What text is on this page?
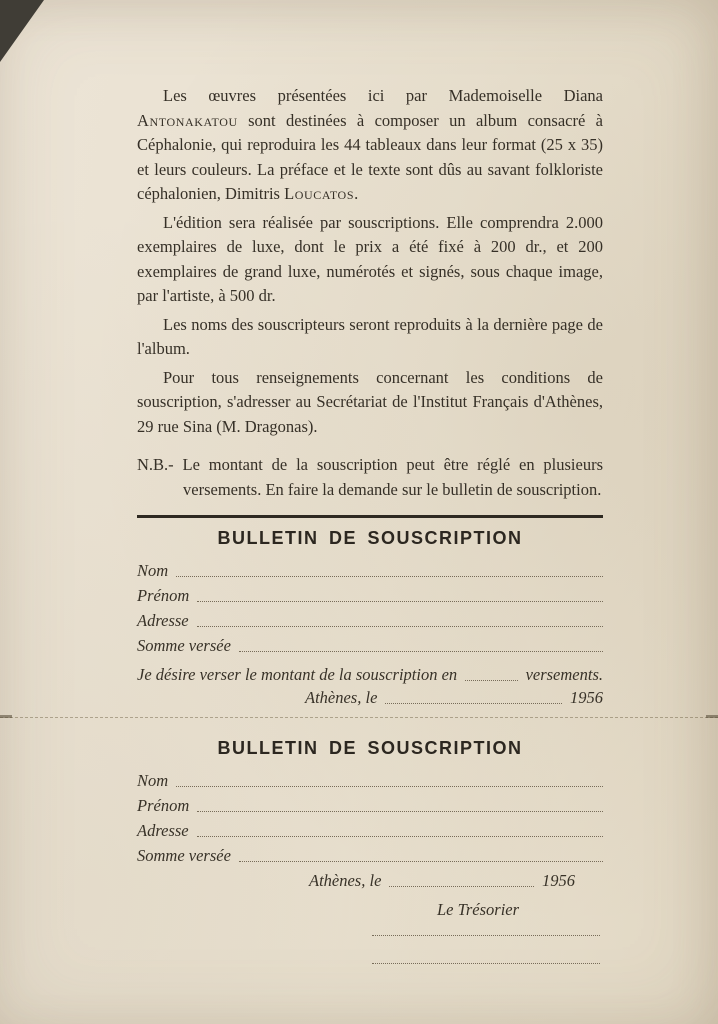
Les œuvres présentées ici par Mademoiselle Diana Antonakatou sont destinées à composer un album consacré à Céphalonie, qui reproduira les 44 tableaux dans leur format (25 x 35) et leurs couleurs. La préface et le texte sont dûs au savant folkloriste céphalonien, Dimitris Loucatos.

L'édition sera réalisée par souscriptions. Elle comprendra 2.000 exemplaires de luxe, dont le prix a été fixé à 200 dr., et 200 exemplaires de grand luxe, numérotés et signés, sous chaque image, par l'artiste, à 500 dr.

Les noms des souscripteurs seront reproduits à la dernière page de l'album.

Pour tous renseignements concernant les conditions de souscription, s'adresser au Secrétariat de l'Institut Français d'Athènes, 29 rue Sina (M. Dragonas).

N.B.- Le montant de la souscription peut être réglé en plusieurs versements. En faire la demande sur le bulletin de souscription.

BULLETIN DE SOUSCRIPTION
Nom
Prénom
Adresse
Somme versée
Je désire verser le montant de la souscription en	versements.
Athènes, le	1956
BULLETIN DE SOUSCRIPTION
Nom
Prénom
Adresse
Somme versée
Athènes, le	1956
Le Trésorier
